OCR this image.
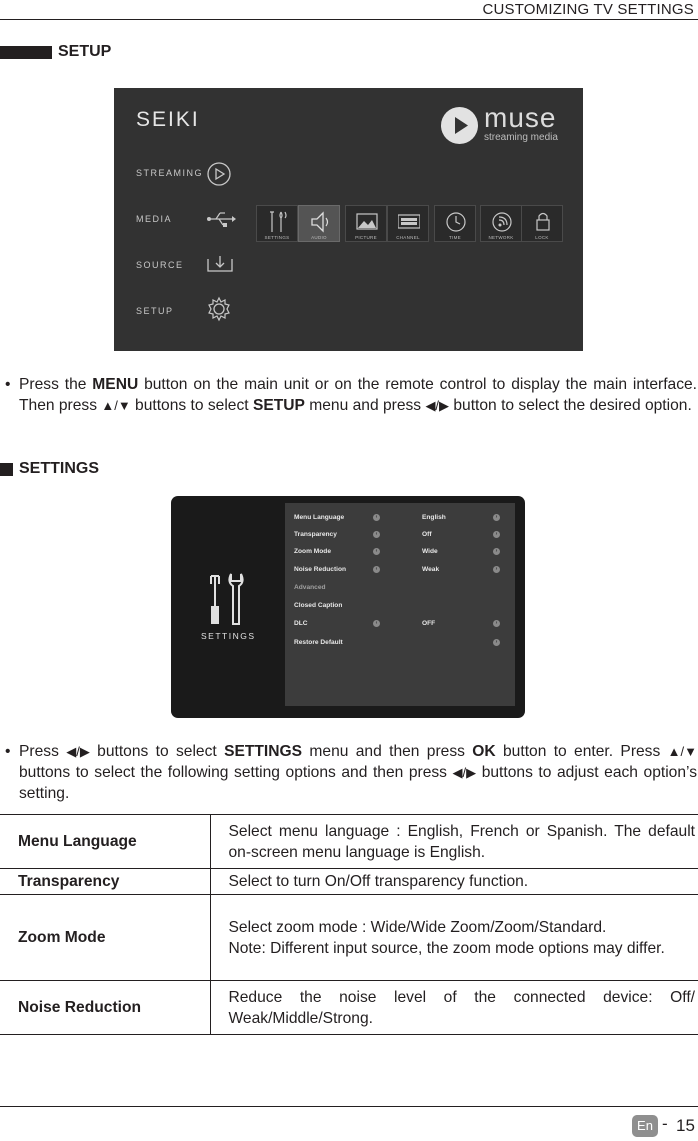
CUSTOMIZING TV SETTINGS
SETUP
SEIKI	muse
streaming media
STREAMING
MEDIA
SOURCE
SETUP
SETTINGS	AUDIO	PICTURE	CHANNEL	TIME	NETWORK	LOCK
• Press the MENU button on the main unit or on the remote control to display the main interface. Then press ▲/▼ buttons to select SETUP menu and press ◀/▶ button to select the desired option.
SETTINGS
SETTINGS
Menu Language	‹	English	›
Transparency	‹	Off	›
Zoom Mode	‹	Wide	›
Noise Reduction	‹	Weak	›
Advanced
Closed Caption
DLC	‹	OFF	›
Restore Default	›
• Press ◀/▶ buttons to select SETTINGS menu and then press OK button to enter. Press ▲/▼ buttons to select the following setting options and then press ◀/▶ buttons to adjust each option’s setting.
Menu Language	Select menu language : English, French or Spanish. The default on-screen menu language is English.

Transparency	Select to turn On/Off transparency function.

Zoom Mode	Select zoom mode : Wide/Wide Zoom/Zoom/Standard.

Note: Different input source, the zoom mode options may differ.

Noise Reduction	Reduce the noise level of the connected device: Off/ Weak/Middle/Strong.

En - 15
